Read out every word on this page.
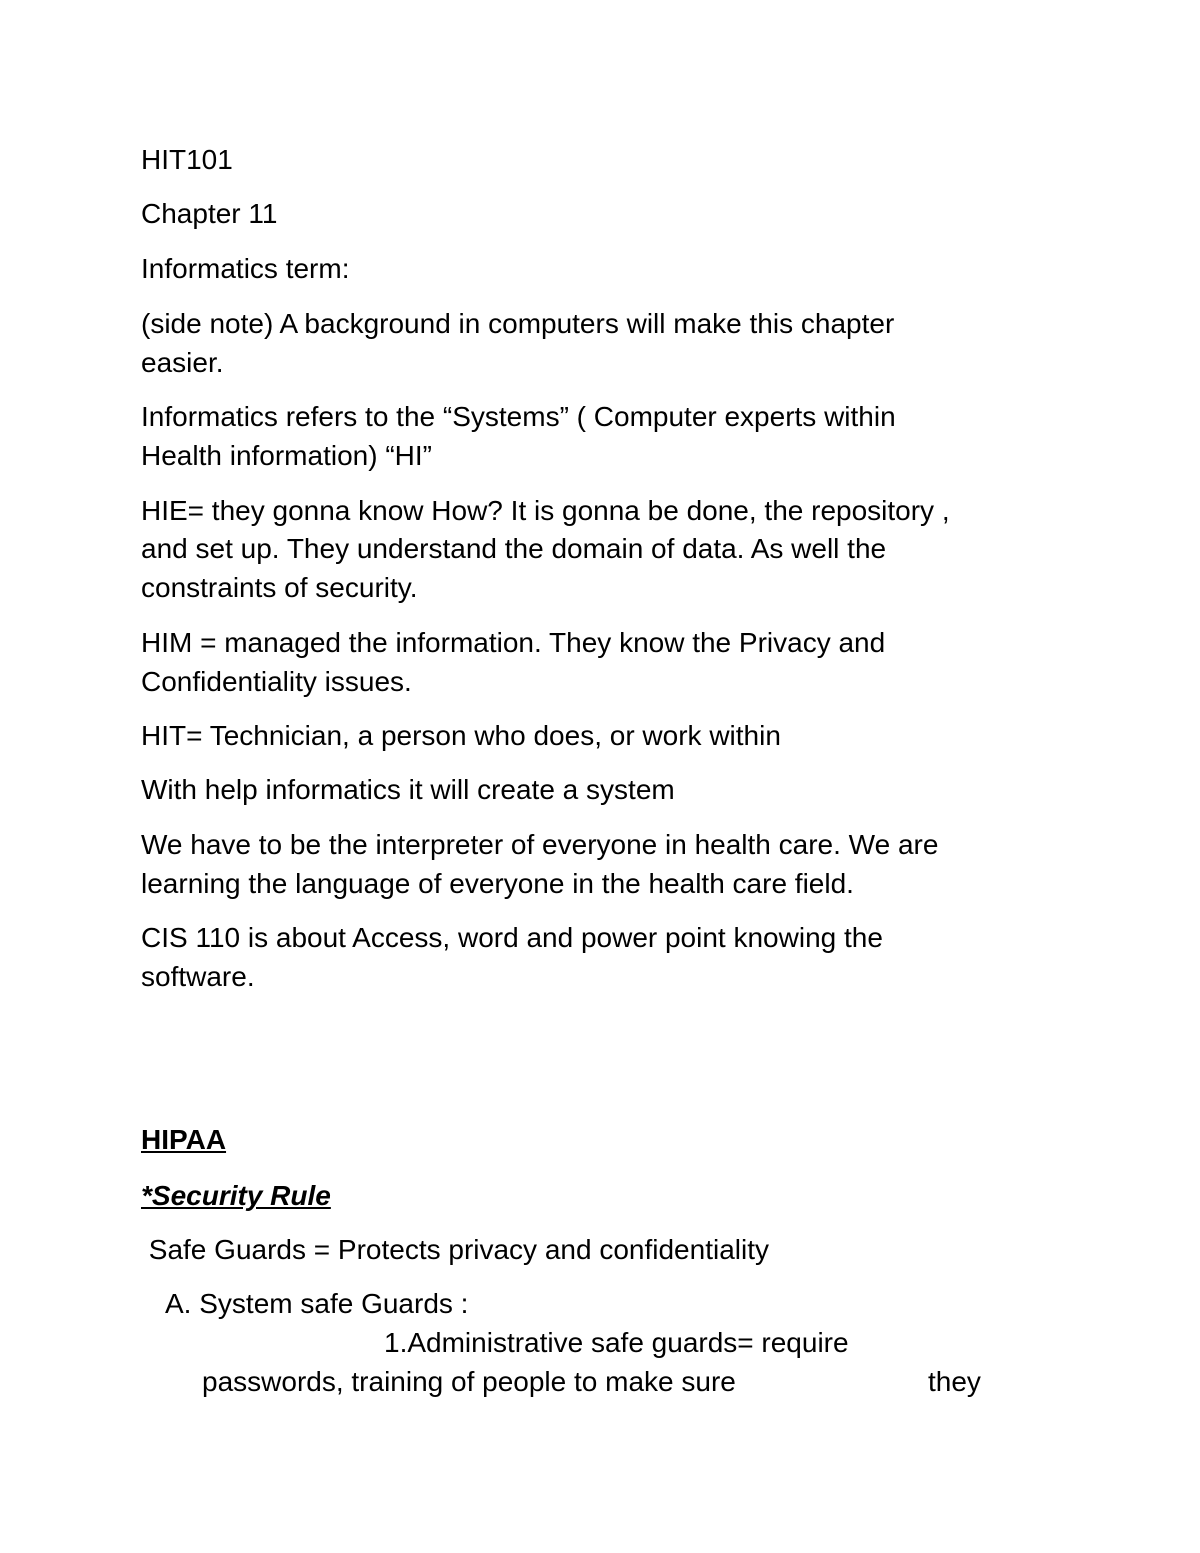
HIT101
Chapter 11
Informatics term:
(side note) A background in computers will make this chapter
easier.
Informatics refers to the “Systems” ( Computer experts within
Health information) “HI”
HIE= they gonna know How? It is gonna be done, the repository ,
and set up. They understand the domain of data. As well the
constraints of security.
HIM = managed the information. They know the Privacy and
Confidentiality issues.
HIT= Technician, a person who does, or work within
With help informatics it will create a system
We have to be the interpreter of everyone in health care. We are
learning the language of everyone in the health care field.
CIS 110 is about Access, word and power point knowing the
software.
HIPAA
*Security Rule
Safe Guards = Protects privacy and confidentiality
A. System safe Guards :
1.Administrative safe guards= require
passwords, training of people to make sure	they
